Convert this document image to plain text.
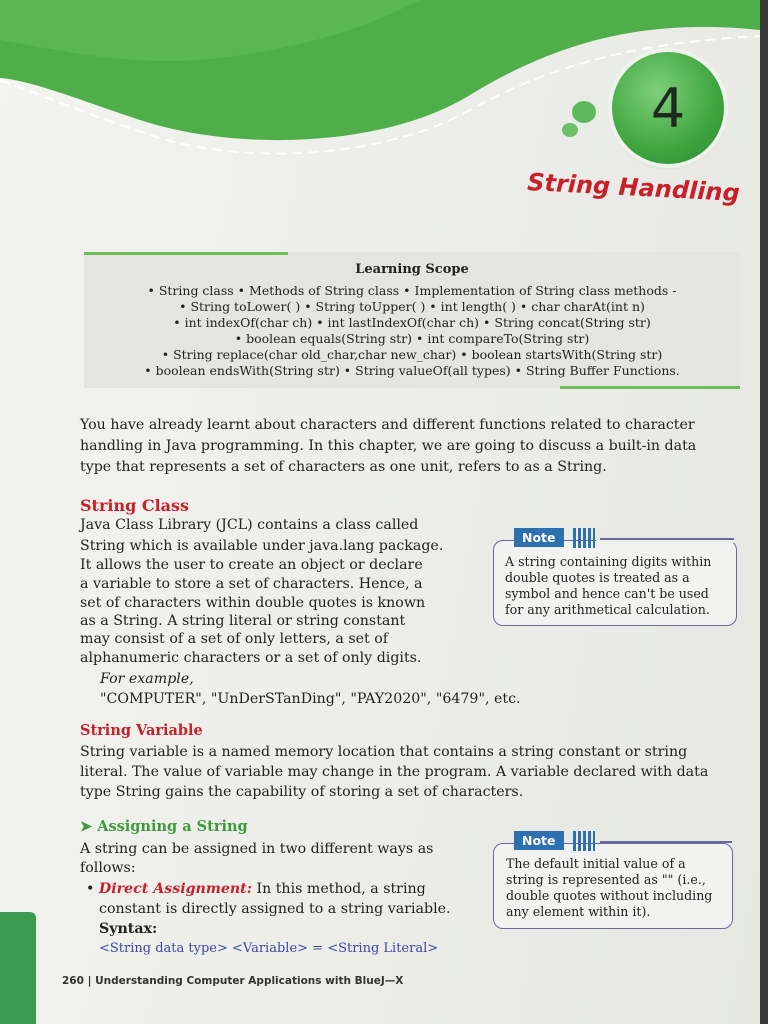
4
String Handling
Learning Scope
• String class • Methods of String class • Implementation of String class methods -
• String toLower( ) • String toUpper( ) • int length( ) • char charAt(int n)
• int indexOf(char ch) • int lastIndexOf(char ch) • String concat(String str)
• boolean equals(String str) • int compareTo(String str)
• String replace(char old_char,char new_char) • boolean startsWith(String str)
• boolean endsWith(String str) • String valueOf(all types) • String Buffer Functions.
You have already learnt about characters and different functions related to character
handling in Java programming. In this chapter, we are going to discuss a built-in data
type that represents a set of characters as one unit, refers to as a String.
String Class
Java Class Library (JCL) contains a class called
String which is available under java.lang package.
It allows the user to create an object or declare
a variable to store a set of characters. Hence, a
set of characters within double quotes is known
as a String. A string literal or string constant
may consist of a set of only letters, a set of
alphanumeric characters or a set of only digits.
For example,
"COMPUTER", "UnDerSTanDing", "PAY2020", "6479", etc.
Note
A string containing digits within
double quotes is treated as a
symbol and hence can't be used
for any arithmetical calculation.
String Variable
String variable is a named memory location that contains a string constant or string
literal. The value of variable may change in the program. A variable declared with data
type String gains the capability of storing a set of characters.
➤ Assigning a String
A string can be assigned in two different ways as
follows:
• Direct Assignment: In this method, a string
constant is directly assigned to a string variable.
Syntax:
<String data type> <Variable> = <String Literal>
Note
The default initial value of a
string is represented as "" (i.e.,
double quotes without including
any element within it).
260 | Understanding Computer Applications with BlueJ—X
